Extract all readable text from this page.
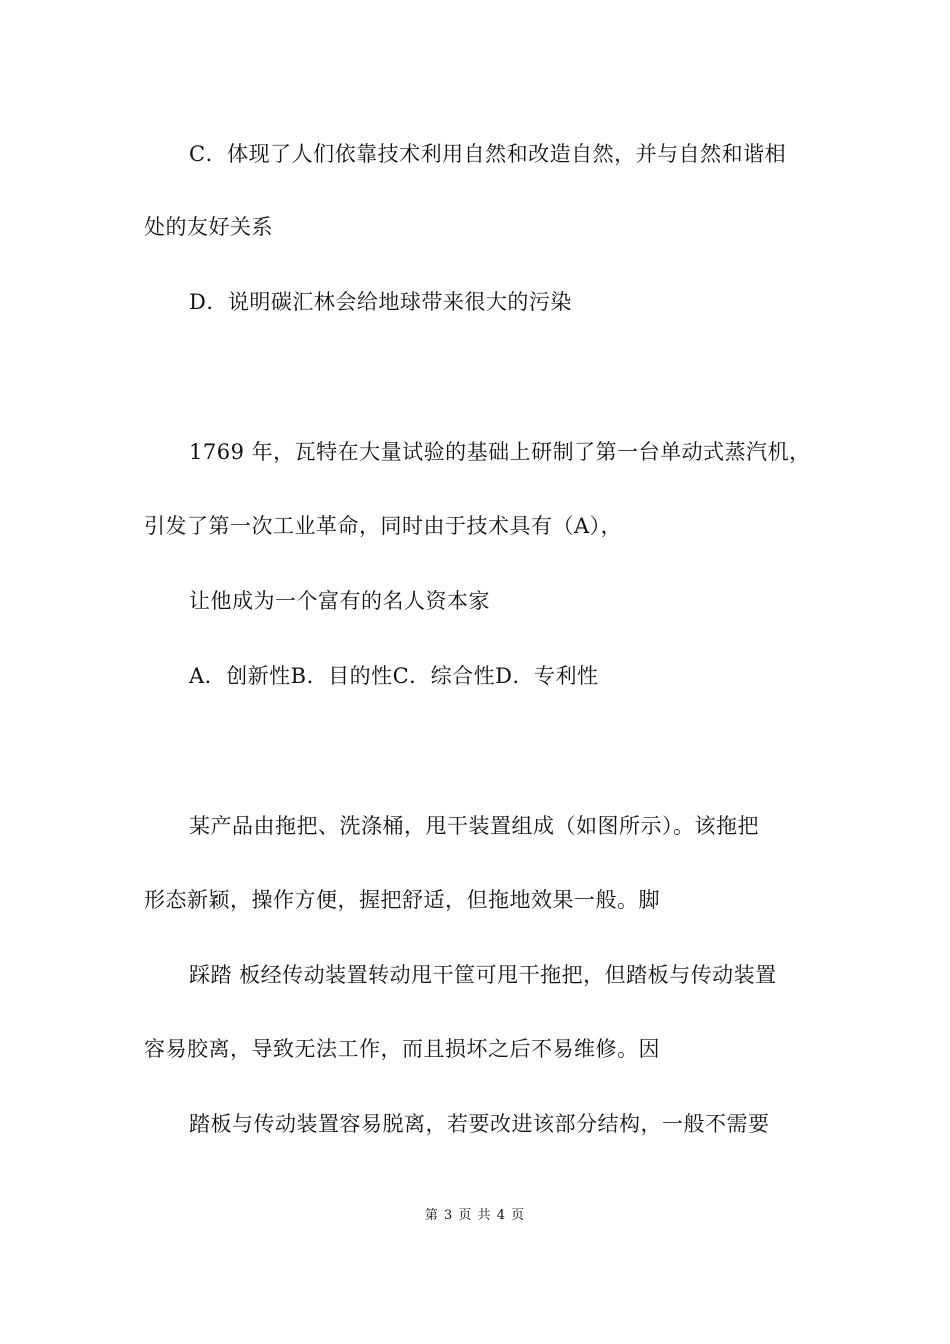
C．体现了人们依靠技术利用自然和改造自然，并与自然和谐相
处的友好关系
D．说明碳汇林会给地球带来很大的污染
1769 年，瓦特在大量试验的基础上研制了第一台单动式蒸汽机，
引发了第一次工业革命，同时由于技术具有（A），
让他成为一个富有的名人资本家
A．创新性B．目的性C．综合性D．专利性
某产品由拖把、洗涤桶，甩干装置组成（如图所示）。该拖把
形态新颖，操作方便，握把舒适，但拖地效果一般。脚
踩踏 板经传动装置转动甩干筐可甩干拖把，但踏板与传动装置
容易胶离，导致无法工作，而且损坏之后不易维修。因
踏板与传动装置容易脱离，若要改进该部分结构，一般不需要
第 3 页 共 4 页
